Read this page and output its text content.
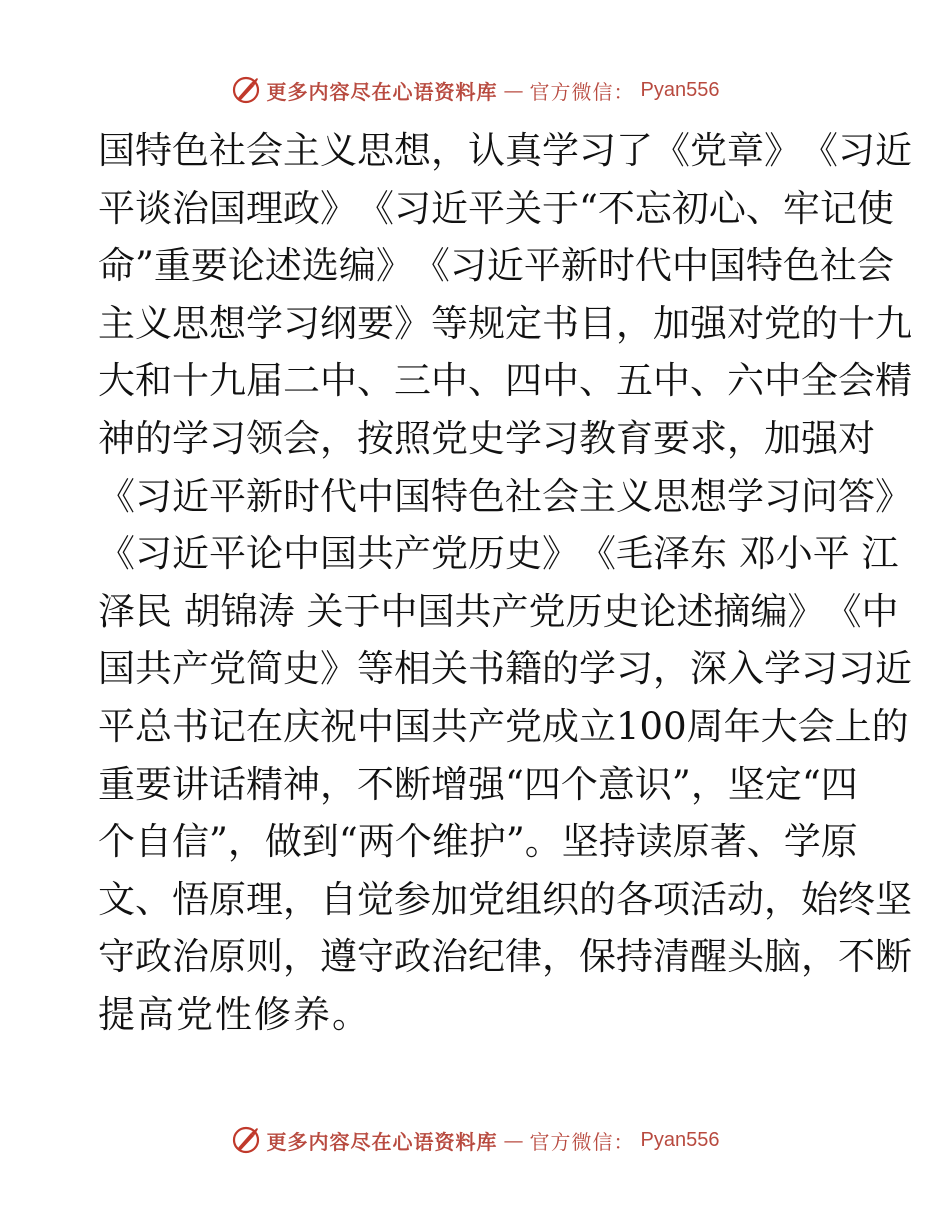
更多内容尽在心语资料库 — 官方微信： Pyan556
国 特 色 社 会 主 义 思 想 ， 认 真 学 习 了 《 党 章 》 《 习 近
平 谈 治 国 理 政 》 《 习 近 平 关 于 “ 不 忘 初 心 、 牢 记 使
命 ” 重 要 论 述 选 编 》 《 习 近 平 新 时 代 中 国 特 色 社 会
主 义 思 想 学 习 纲 要 》 等 规 定 书 目 ， 加 强 对 党 的 十 九
大 和 十 九 届 二 中 、 三 中 、 四 中 、 五 中 、 六 中 全 会 精
神 的 学 习 领 会 ， 按 照 党 史 学 习 教 育 要 求 ， 加 强 对
《 习 近 平 新 时 代 中 国 特 色 社 会 主 义 思 想 学 习 问 答 》
《 习 近 平 论 中 国 共 产 党 历 史 》 《 毛 泽 东
邓 小 平
江
泽 民
胡 锦 涛
关 于 中 国 共 产 党 历 史 论 述 摘 编 》 《 中
国 共 产 党 简 史 》 等 相 关 书 籍 的 学 习 ， 深 入 学 习 习 近
平 总 书 记 在 庆 祝 中 国 共 产 党 成 立 100 周 年 大 会 上 的
重 要 讲 话 精 神 ， 不 断 增 强 “ 四 个 意 识 ” ， 坚 定 “ 四
个 自 信 ” ， 做 到 “ 两 个 维 护 ” 。 坚 持 读 原 著 、 学 原
文 、 悟 原 理 ， 自 觉 参 加 党 组 织 的 各 项 活 动 ， 始 终 坚
守 政 治 原 则 ， 遵 守 政 治 纪 律 ， 保 持 清 醒 头 脑 ， 不 断
提高党性修养。
更多内容尽在心语资料库 — 官方微信： Pyan556
